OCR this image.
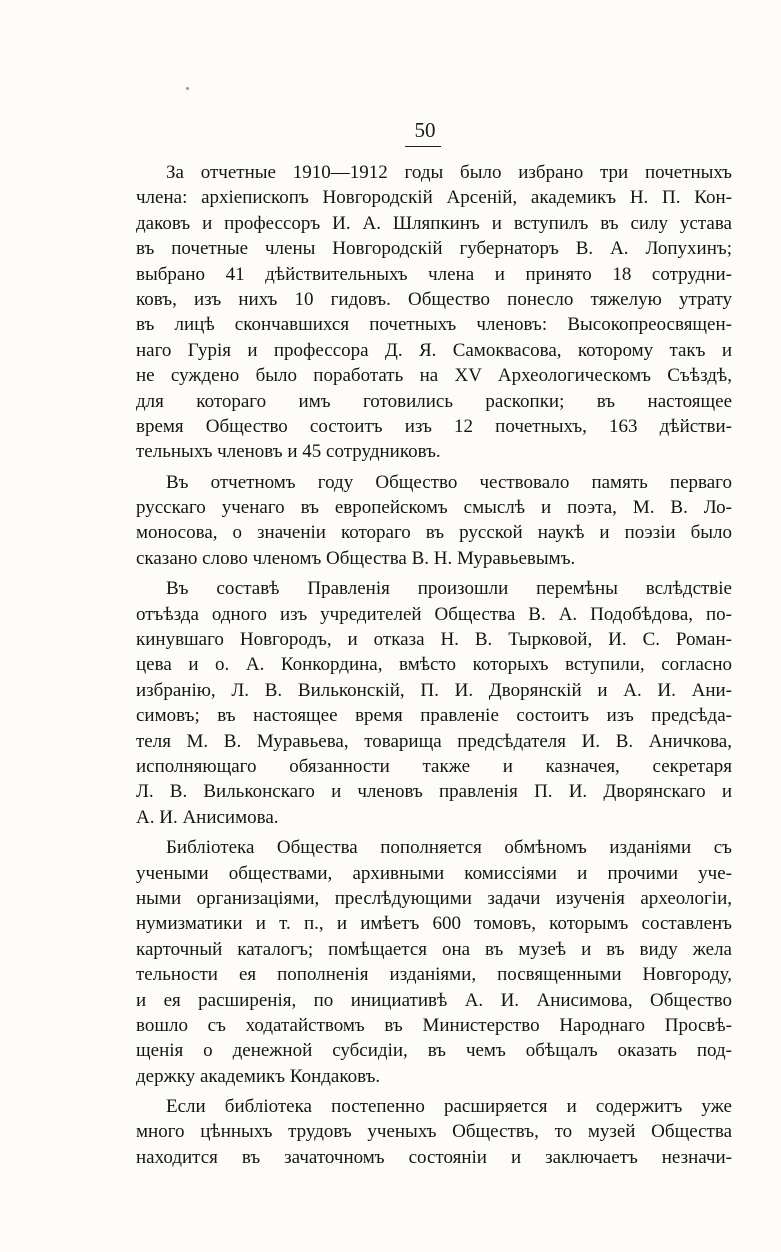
50
За отчетные 1910—1912 годы было избрано три почетныхъ
члена: архіепископъ Новгородскій Арсеній, академикъ Н. П. Кон-
даковъ и профессоръ И. А. Шляпкинъ и вступилъ въ силу устава
въ почетные члены Новгородскій губернаторъ В. А. Лопухинъ;
выбрано 41 дѣйствительныхъ члена и принято 18 сотрудни-
ковъ, изъ нихъ 10 гидовъ. Общество понесло тяжелую утрату
въ лицѣ скончавшихся почетныхъ членовъ: Высокопреосвящен-
наго Гурія и профессора Д. Я. Самоквасова, которому такъ и
не суждено было поработать на XV Археологическомъ Съѣздѣ,
для котораго имъ готовились раскопки; въ настоящее
время Общество состоитъ изъ 12 почетныхъ, 163 дѣйстви-
тельныхъ членовъ и 45 сотрудниковъ.
Въ отчетномъ году Общество чествовало память перваго
русскаго ученаго въ европейскомъ смыслѣ и поэта, М. В. Ло-
моносова, о значеніи котораго въ русской наукѣ и поэзіи было
сказано слово членомъ Общества В. Н. Муравьевымъ.
Въ составѣ Правленія произошли перемѣны вслѣдствіе
отъѣзда одного изъ учредителей Общества В. А. Подобѣдова, по-
кинувшаго Новгородъ, и отказа Н. В. Тырковой, И. С. Роман-
цева и о. А. Конкордина, вмѣсто которыхъ вступили, согласно
избранію, Л. В. Вильконскій, П. И. Дворянскій и А. И. Ани-
симовъ; въ настоящее время правленіе состоитъ изъ предсѣда-
теля М. В. Муравьева, товарища предсѣдателя И. В. Аничкова,
исполняющаго обязанности также и казначея, секретаря
Л. В. Вильконскаго и членовъ правленія П. И. Дворянскаго и
А. И. Анисимова.
Библіотека Общества пополняется обмѣномъ изданіями съ
учеными обществами, архивными комиссіями и прочими уче-
ными организаціями, преслѣдующими задачи изученія археологіи,
нумизматики и т. п., и имѣетъ 600 томовъ, которымъ составленъ
карточный каталогъ; помѣщается она въ музеѣ и въ виду жела
тельности ея пополненія изданіями, посвященными Новгороду,
и ея расширенія, по инициативѣ А. И. Анисимова, Общество
вошло съ ходатайствомъ въ Министерство Народнаго Просвѣ-
щенія о денежной субсидіи, въ чемъ обѣщалъ оказать под-
держку академикъ Кондаковъ.
Если библіотека постепенно расширяется и содержитъ уже
много цѣнныхъ трудовъ ученыхъ Обществъ, то музей Общества
находится въ зачаточномъ состояніи и заключаетъ незначи-
